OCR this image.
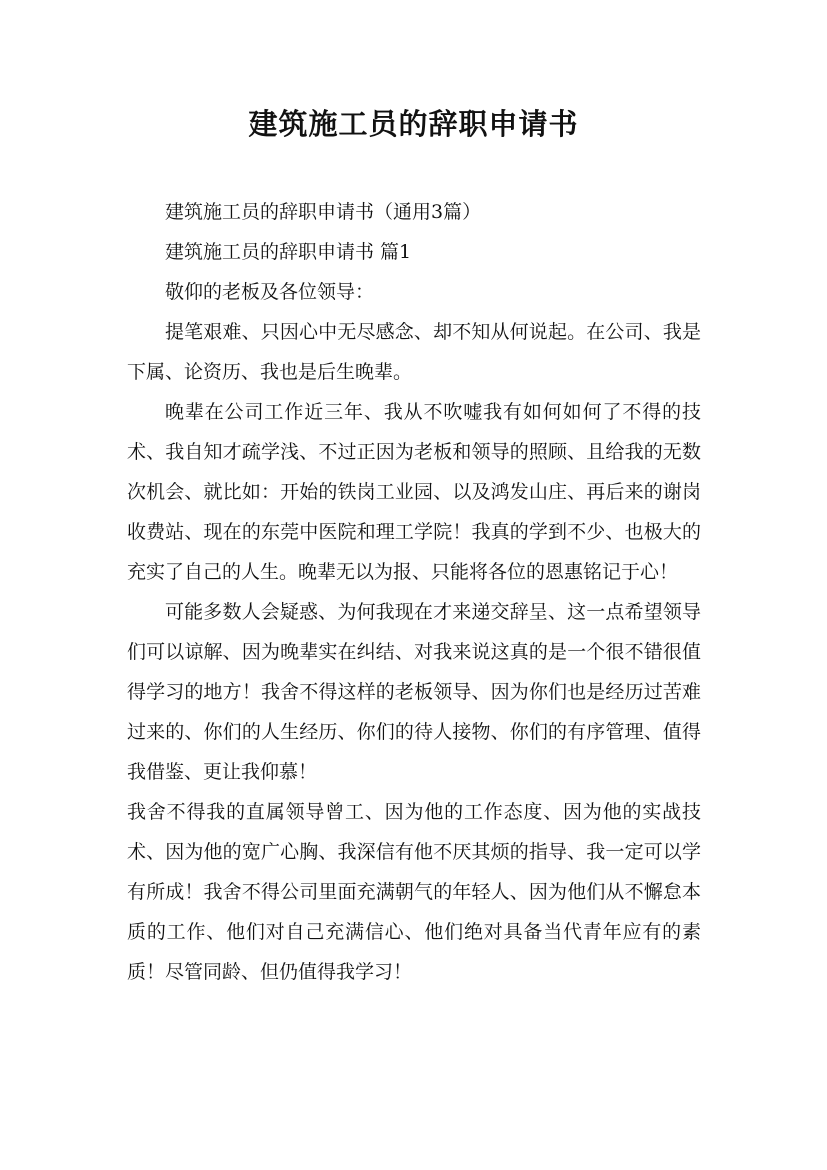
建筑施工员的辞职申请书

建筑施工员的辞职申请书（通用3篇）

建筑施工员的辞职申请书 篇1

敬仰的老板及各位领导：

提笔艰难、只因心中无尽感念、却不知从何说起。在公司、我是下属、论资历、我也是后生晚辈。

晚辈在公司工作近三年、我从不吹嘘我有如何如何了不得的技术、我自知才疏学浅、不过正因为老板和领导的照顾、且给我的无数次机会、就比如：开始的铁岗工业园、以及鸿发山庄、再后来的谢岗收费站、现在的东莞中医院和理工学院！我真的学到不少、也极大的充实了自己的人生。晚辈无以为报、只能将各位的恩惠铭记于心！

可能多数人会疑惑、为何我现在才来递交辞呈、这一点希望领导们可以谅解、因为晚辈实在纠结、对我来说这真的是一个很不错很值得学习的地方！我舍不得这样的老板领导、因为你们也是经历过苦难过来的、你们的人生经历、你们的待人接物、你们的有序管理、值得我借鉴、更让我仰慕！

我舍不得我的直属领导曾工、因为他的工作态度、因为他的实战技术、因为他的宽广心胸、我深信有他不厌其烦的指导、我一定可以学有所成！我舍不得公司里面充满朝气的年轻人、因为他们从不懈怠本质的工作、他们对自己充满信心、他们绝对具备当代青年应有的素质！尽管同龄、但仍值得我学习！
